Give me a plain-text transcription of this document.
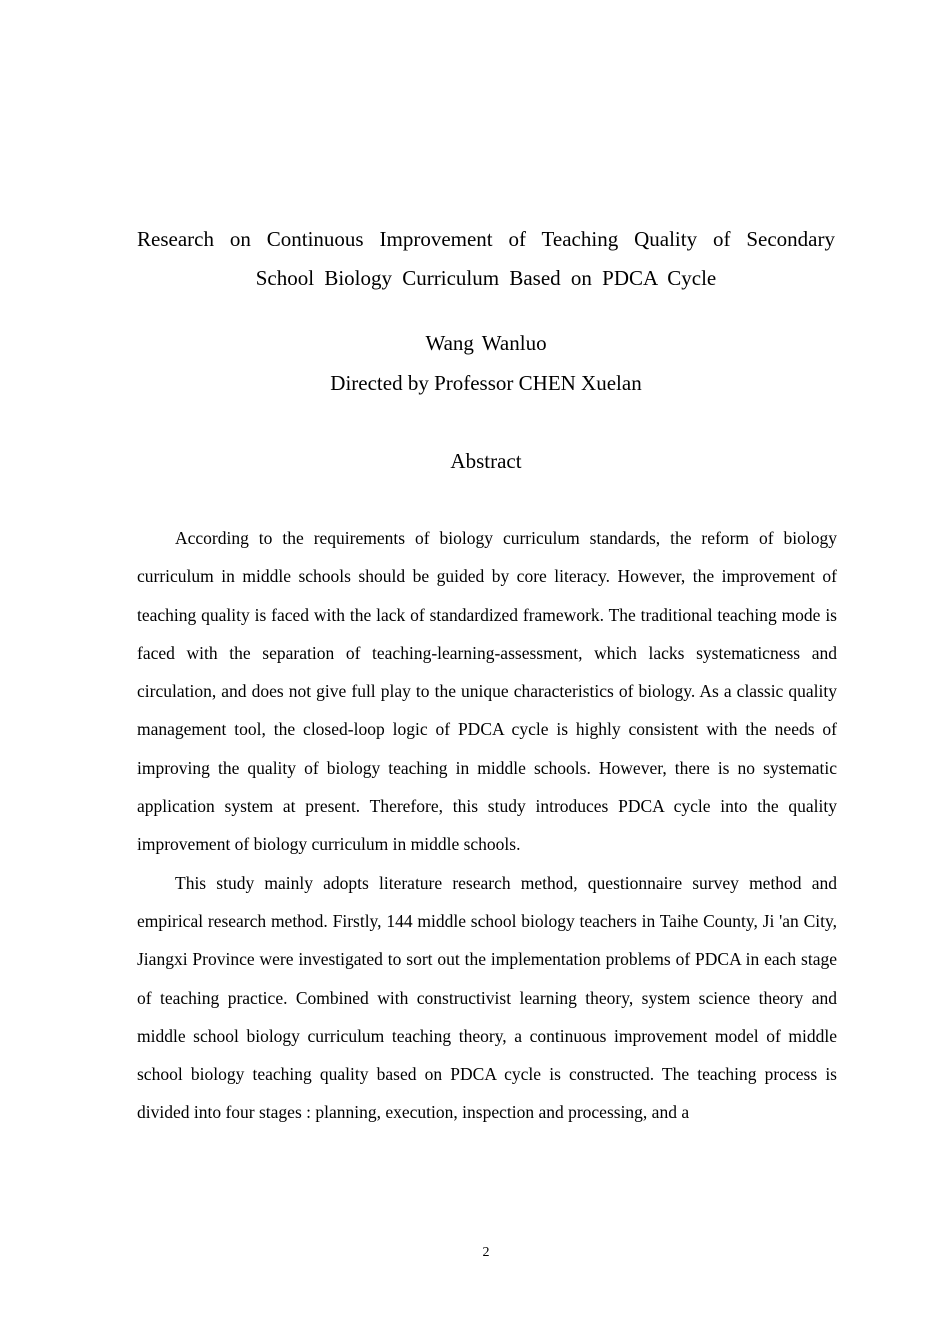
Research on Continuous Improvement of Teaching Quality of Secondary
School Biology Curriculum Based on PDCA Cycle
Wang Wanluo
Directed by Professor CHEN Xuelan
Abstract

According to the requirements of biology curriculum standards, the reform of biology curriculum in middle schools should be guided by core literacy. However, the improvement of teaching quality is faced with the lack of standardized framework. The traditional teaching mode is faced with the separation of teaching-learning-assessment, which lacks systematicness and circulation, and does not give full play to the unique characteristics of biology. As a classic quality management tool, the closed-loop logic of PDCA cycle is highly consistent with the needs of improving the quality of biology teaching in middle schools. However, there is no systematic application system at present. Therefore, this study introduces PDCA cycle into the quality improvement of biology curriculum in middle schools.

This study mainly adopts literature research method, questionnaire survey method and empirical research method. Firstly, 144 middle school biology teachers in Taihe County, Ji 'an City, Jiangxi Province were investigated to sort out the implementation problems of PDCA in each stage of teaching practice. Combined with constructivist learning theory, system science theory and middle school biology curriculum teaching theory, a continuous improvement model of middle school biology teaching quality based on PDCA cycle is constructed. The teaching process is divided into four stages : planning, execution, inspection and processing, and a

2
